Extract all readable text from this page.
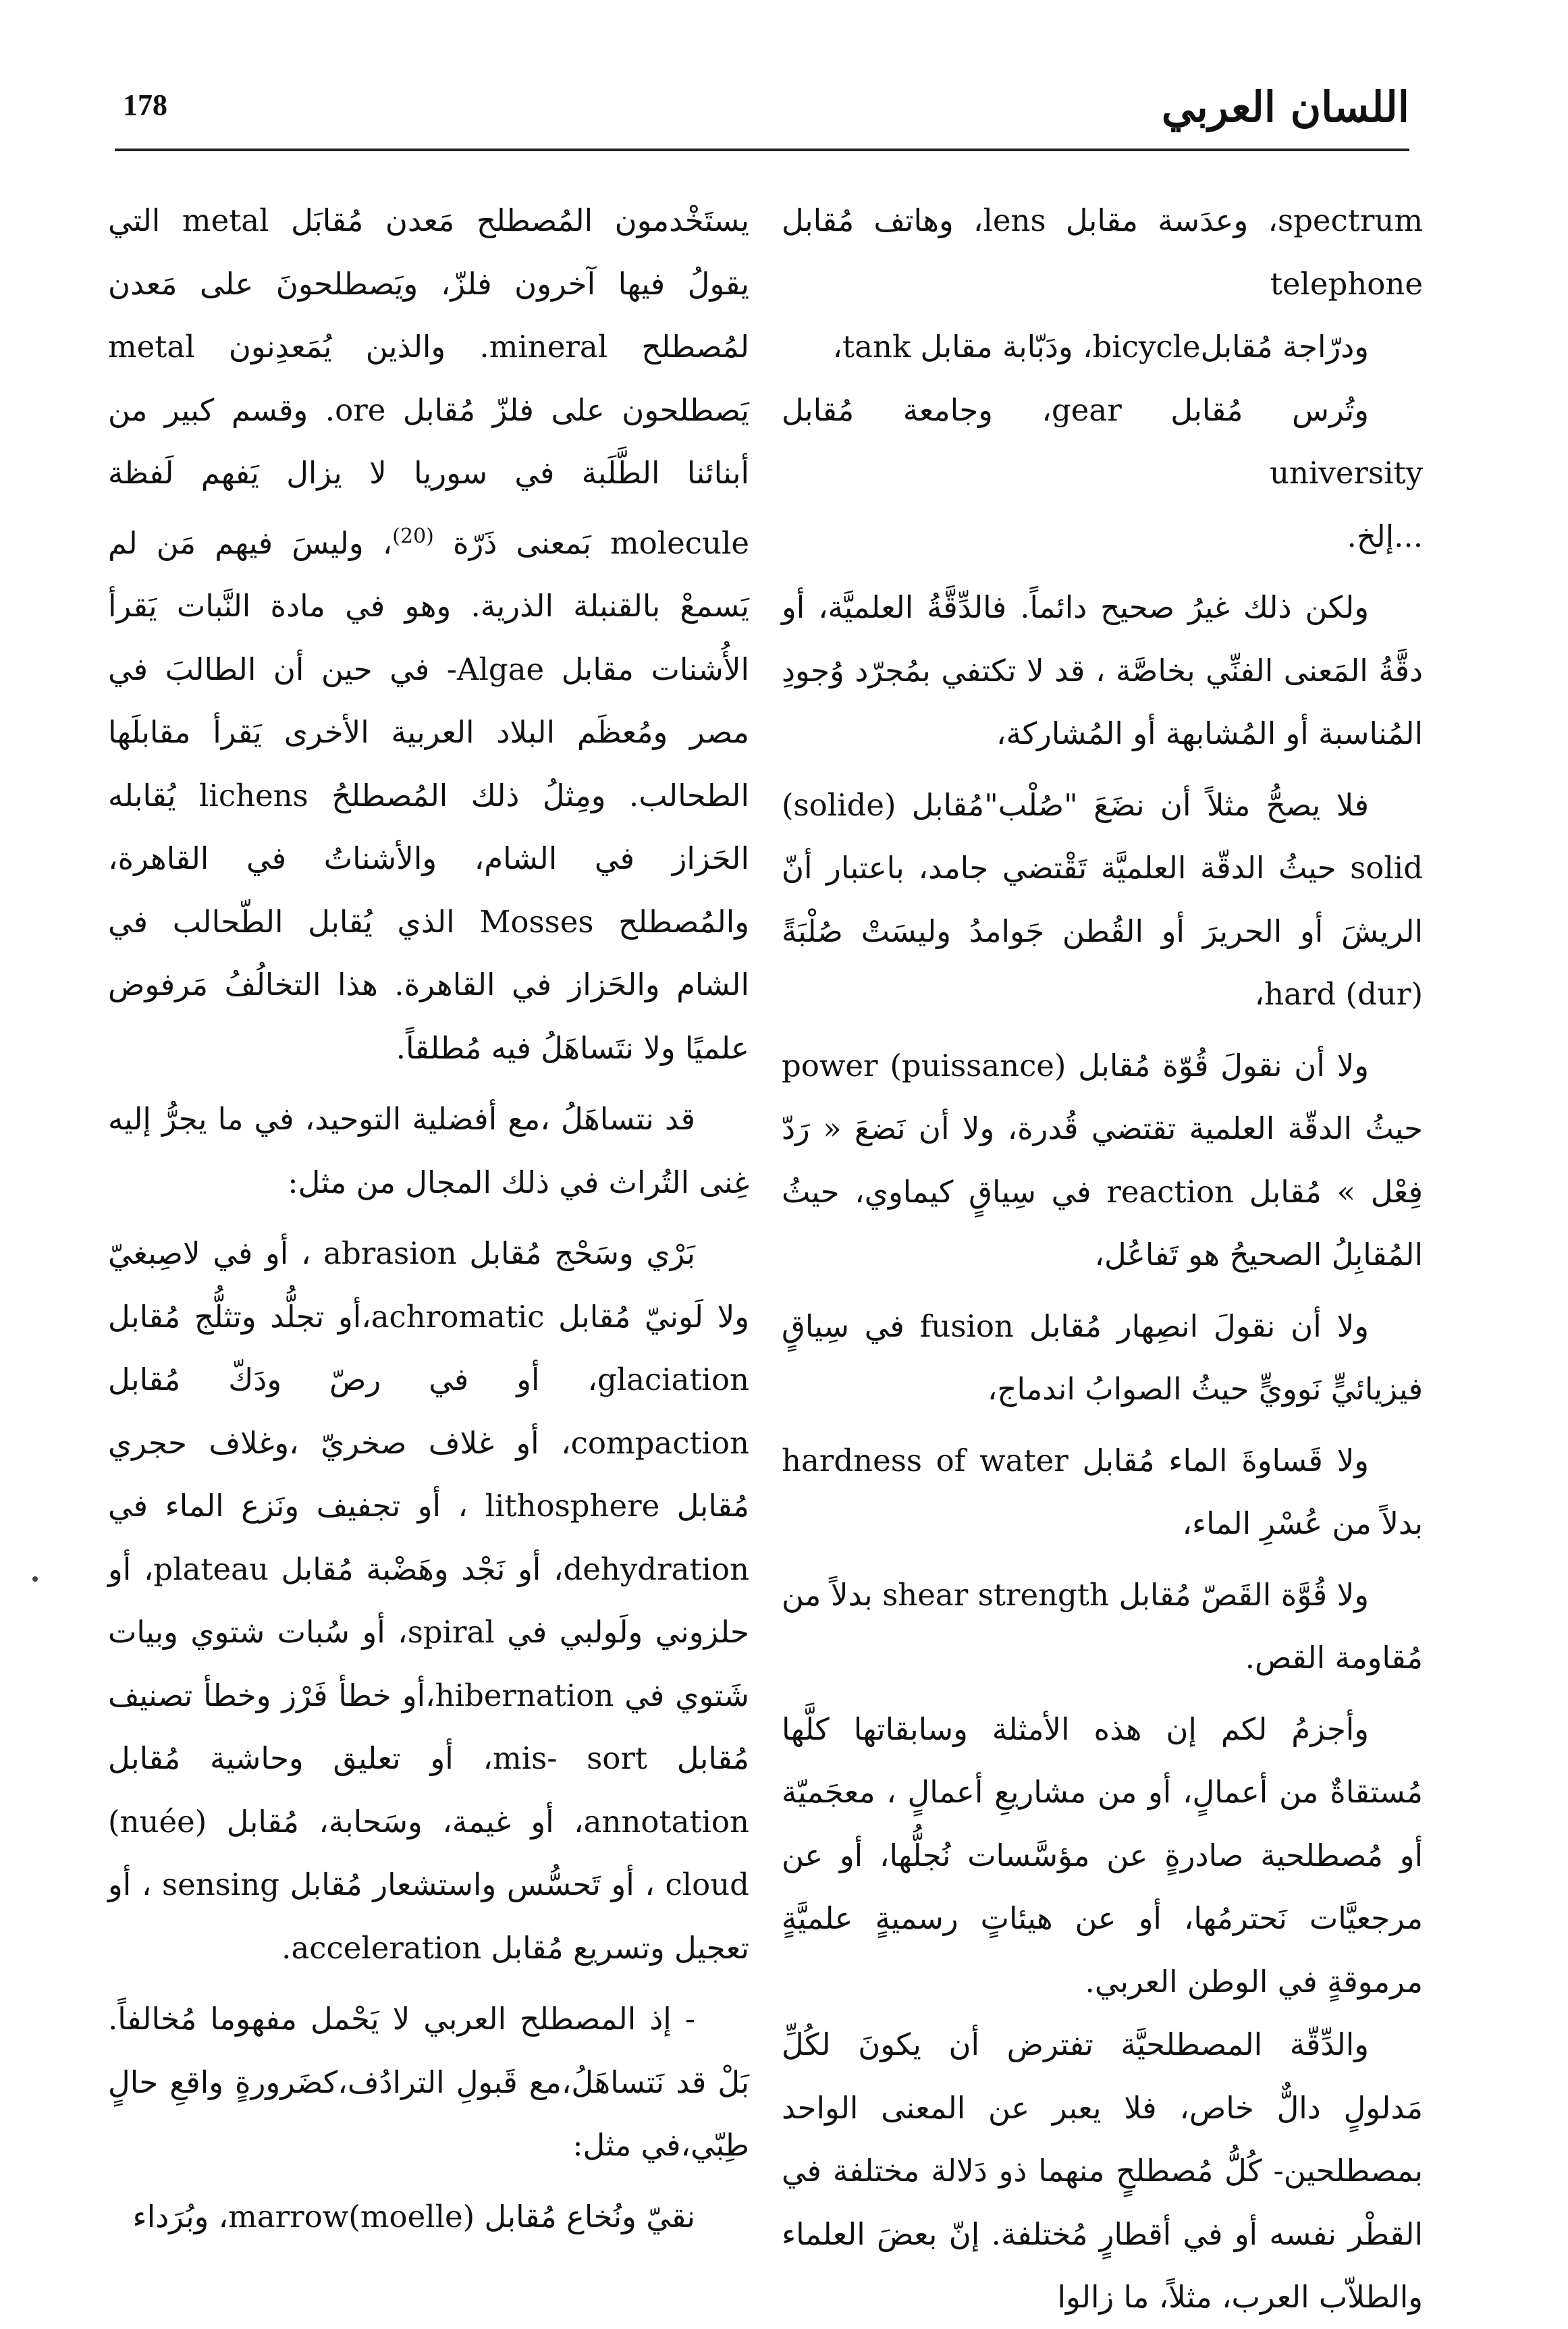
اللسان العربي
178

spectrum، وعدَسة مقابل lens، وهاتف مُقابل telephone

ودرّاجة مُقابلbicycle، ودَبّابة مقابل tank،

وتُرس مُقابل gear، وجامعة مُقابل university

...إلخ.

ولكن ذلك غيرُ صحيح دائماً. فالدِّقَّةُ العلميَّة، أو دقَّةُ المَعنى الفنِّي بخاصَّة ، قد لا تكتفي بمُجرّد وُجودِ المُناسبة أو المُشابهة أو المُشاركة،

فلا يصحُّ مثلاً أن نضَعَ "صُلْب"مُقابل (solide) solid حيثُ الدقّة العلميَّة تَقْتضي جامد، باعتبار أنّ الريشَ أو الحريرَ أو القُطن جَوامدُ وليسَتْ صُلْبَةً (dur) hard،

ولا أن نقولَ قُوّة مُقابل (puissance) power حيثُ الدقّة العلمية تقتضي قُدرة، ولا أن نَضعَ « رَدّ فِعْل » مُقابل reaction في سِياقٍ كيماوي، حيثُ المُقابِلُ الصحيحُ هو تَفاعُل،

ولا أن نقولَ انصِهار مُقابل fusion في سِياقٍ فيزيائيٍّ نَوويٍّ حيثُ الصوابُ اندماج،

ولا قَساوةَ الماء مُقابل hardness of water بدلاً من عُسْرِ الماء،

ولا قُوَّة القَصّ مُقابل shear strength بدلاً من مُقاومة القص.

وأجزمُ لكم إن هذه الأمثلة وسابقاتها كلَّها مُستقاةٌ من أعمالٍ، أو من مشاريعِ أعمالٍ ، معجَميّة أو مُصطلحية صادرةٍ عن مؤسَّسات نُجلُّها، أو عن مرجعيَّات نَحترمُها، أو عن هيئاتٍ رسميةٍ علميَّةٍ مرموقةٍ في الوطن العربي.

والدِّقّة المصطلحيَّة تفترض أن يكونَ لكُلِّ مَدلولٍ دالٌّ خاص، فلا يعبر عن المعنى الواحد بمصطلحين- كُلُّ مُصطلحٍ منهما ذو دَلالة مختلفة في القطْر نفسه أو في أقطارٍ مُختلفة. إنّ بعضَ العلماء والطلاّب العرب، مثلاً، ما زالوا

يستَخْدمون المُصطلح مَعدن مُقابَل metal التي يقولُ فيها آخرون فلزّ، ويَصطلحونَ على مَعدن لمُصطلح mineral. والذين يُمَعدِنون metal يَصطلحون على فلزّ مُقابل ore. وقسم كبير من أبنائنا الطَّلَبة في سوريا لا يزال يَفهم لَفظة molecule بَمعنى ذَرّة $^{(20)}$، وليسَ فيهم مَن لم يَسمعْ بالقنبلة الذرية. وهو في مادة النَّبات يَقرأ الأُشنات مقابل Algae- في حين أن الطالبَ في مصر ومُعظَم البلاد العربية الأخرى يَقرأ مقابلَها الطحالب. ومِثلُ ذلك المُصطلحُ lichens يُقابله الحَزاز في الشام، والأشناتُ في القاهرة، والمُصطلح Mosses الذي يُقابل الطّحالب في الشام والحَزاز في القاهرة. هذا التخالُفُ مَرفوض علميًا ولا نتَساهَلُ فيه مُطلقاً.

قد نتساهَلُ ،مع أفضلية التوحيد، في ما يجرُّ إليه غِنى التُراث في ذلك المجال من مثل:

بَرْي وسَحْج مُقابل abrasion ، أو في لاصِبغيّ ولا لَونيّ مُقابل achromatic،أو تجلُّد وتثلُّج مُقابل glaciation، أو في رصّ ودَكّ مُقابل compaction، أو غلاف صخريّ ،وغلاف حجري مُقابل lithosphere ، أو تجفيف ونَزع الماء في dehydration، أو نَجْد وهَضْبة مُقابل plateau، أو حلزوني ولَولبي في spiral، أو سُبات شتوي وبيات شَتوي في hibernation،أو خطأ فَرْز وخطأ تصنيف مُقابل mis- sort، أو تعليق وحاشية مُقابل annotation، أو غيمة، وسَحابة، مُقابل (nuée) cloud ، أو تَحسُّس واستشعار مُقابل sensing ، أو تعجيل وتسريع مُقابل acceleration.

- إذ المصطلح العربي لا يَحْمل مفهوما مُخالفاً. بَلْ قد نَتساهَلُ،مع قَبولِ الترادُف،كضَرورةٍ واقعِ حالٍ طِبّي،في مثل:

نقيّ ونُخاع مُقابل marrow(moelle)، وبُرَداء
